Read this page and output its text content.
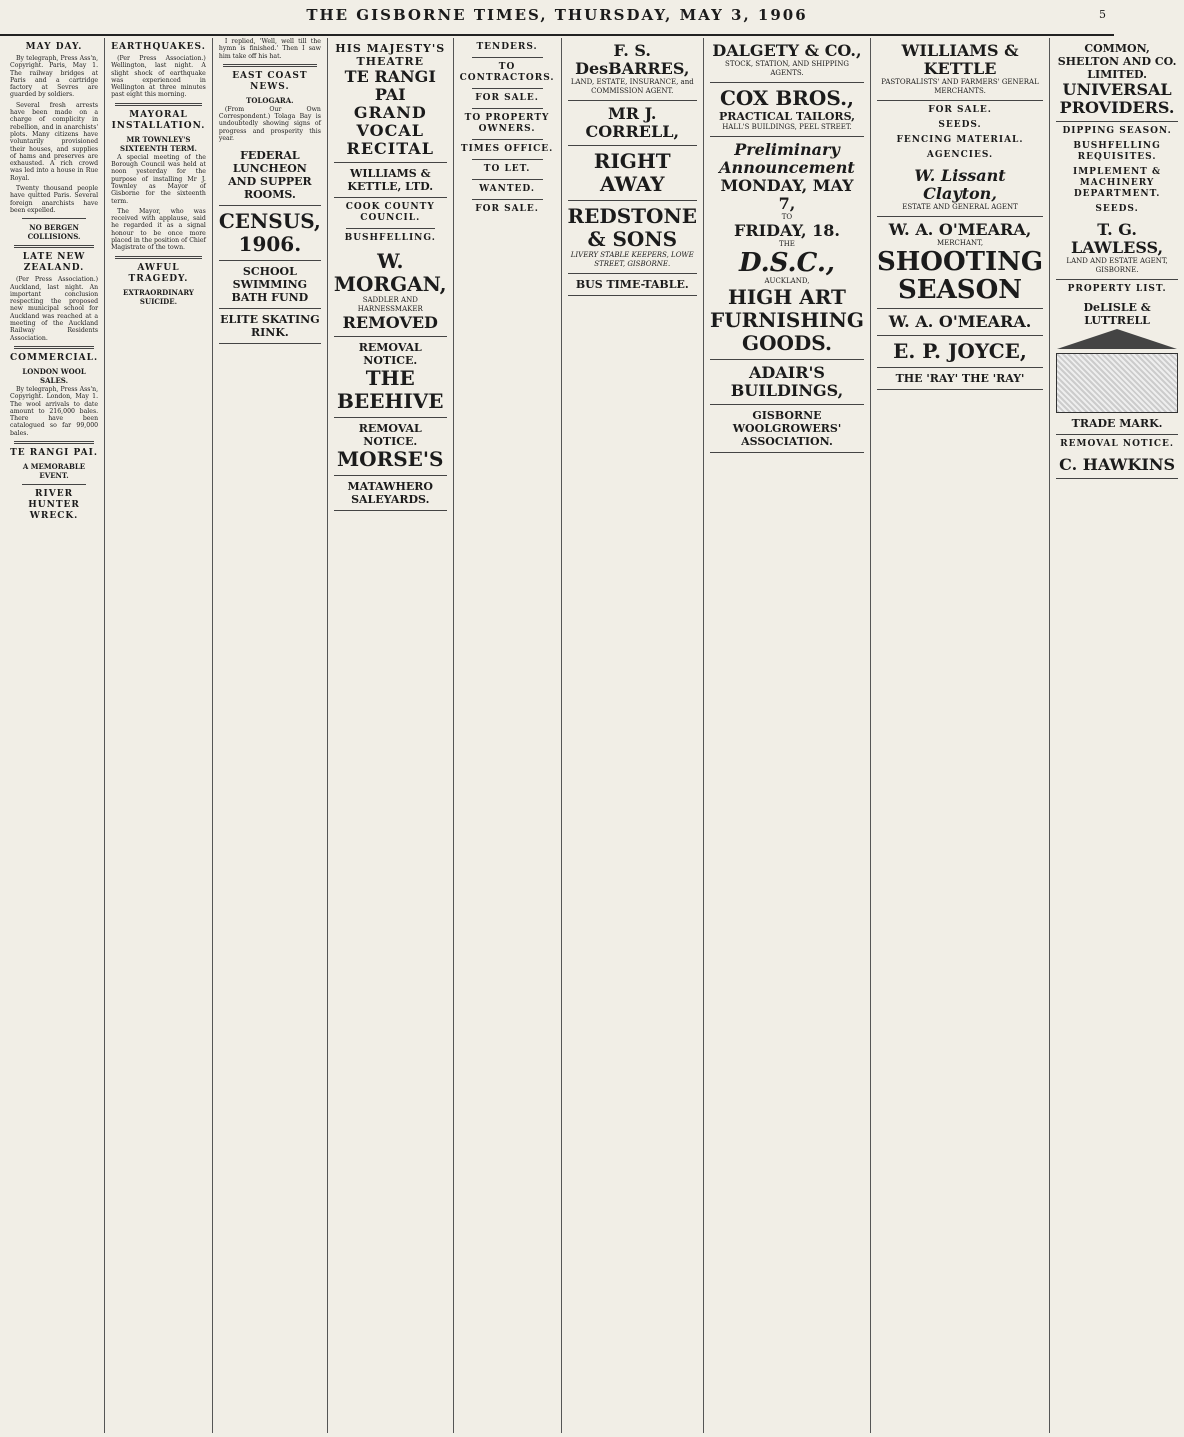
THE GISBORNE TIMES, THURSDAY, MAY 3, 1906	5
MAY DAY.

By telegraph, Press Ass'n, Copyright. Paris, May 1. The railway bridges at Paris and a cartridge factory at Sevres are guarded by soldiers.

Several fresh arrests have been made on a charge of complicity in rebellion, and in anarchists' plots. Many citizens have voluntarily provisioned their houses, and supplies of hams and preserves are exhausted. A rich crowd was led into a house in Rue Royal.

Twenty thousand people have quitted Paris. Several foreign anarchists have been expelled.

NO BERGEN COLLISIONS.
LATE NEW ZEALAND.

(Per Press Association.) Auckland, last night. An important conclusion respecting the proposed new municipal school for Auckland was reached at a meeting of the Auckland Railway Residents Association.

COMMERCIAL.
LONDON WOOL SALES.

By telegraph, Press Ass'n, Copyright. London, May 1. The wool arrivals to date amount to 216,000 bales. There have been catalogued so far 99,000 bales.

TE RANGI PAI.
A MEMORABLE EVENT.
RIVER HUNTER WRECK.
EARTHQUAKES.

(Per Press Association.) Wellington, last night. A slight shock of earthquake was experienced in Wellington at three minutes past eight this morning.

MAYORAL INSTALLATION.
MR TOWNLEY'S SIXTEENTH TERM.

A special meeting of the Borough Council was held at noon yesterday for the purpose of installing Mr J. Townley as Mayor of Gisborne for the sixteenth term.

The Mayor, who was received with applause, said he regarded it as a signal honour to be once more placed in the position of Chief Magistrate of the town.

AWFUL TRAGEDY.
EXTRAORDINARY SUICIDE.

I replied, 'Well, well till the hymn is finished.' Then I saw him take off his hat.

EAST COAST NEWS.
TOLOGARA.

(From Our Own Correspondent.) Tolaga Bay is undoubtedly showing signs of progress and prosperity this year.

FEDERAL LUNCHEON AND SUPPER ROOMS.
CENSUS, 1906.
SCHOOL SWIMMING BATH FUND
ELITE SKATING RINK.
HIS MAJESTY'S THEATRE
TE RANGI PAI
GRAND VOCAL RECITAL
WILLIAMS & KETTLE, LTD.
COOK COUNTY COUNCIL.
BUSHFELLING.
W. MORGAN,
SADDLER AND HARNESSMAKER
REMOVED
REMOVAL NOTICE.
THE BEEHIVE
REMOVAL NOTICE.
MORSE'S
MATAWHERO SALEYARDS.
TENDERS.
TO CONTRACTORS.
FOR SALE.
TO PROPERTY OWNERS.
TIMES OFFICE.
TO LET.
WANTED.
FOR SALE.
F. S. DesBARRES,
LAND, ESTATE, INSURANCE, and COMMISSION AGENT.
MR J. CORRELL,
RIGHT AWAY
REDSTONE & SONS
LIVERY STABLE KEEPERS, LOWE STREET, GISBORNE.
BUS TIME-TABLE.
DALGETY & CO.,
STOCK, STATION, AND SHIPPING AGENTS.
COX BROS.,
PRACTICAL TAILORS,
HALL'S BUILDINGS, PEEL STREET.
Preliminary Announcement
MONDAY, MAY 7,
TO
FRIDAY, 18.
THE
D.S.C.,
AUCKLAND,
HIGH ART FURNISHING GOODS.
ADAIR'S BUILDINGS,
GISBORNE WOOLGROWERS' ASSOCIATION.
WILLIAMS & KETTLE
PASTORALISTS' AND FARMERS' GENERAL MERCHANTS.
FOR SALE.
SEEDS.
FENCING MATERIAL.
AGENCIES.
W. Lissant Clayton,
ESTATE AND GENERAL AGENT
W. A. O'MEARA,
MERCHANT,
SHOOTING SEASON
W. A. O'MEARA.
E. P. JOYCE,
THE 'RAY' THE 'RAY'
COMMON, SHELTON AND CO. LIMITED.
UNIVERSAL PROVIDERS.
DIPPING SEASON.
BUSHFELLING REQUISITES.
IMPLEMENT & MACHINERY DEPARTMENT.
SEEDS.
T. G. LAWLESS,
LAND AND ESTATE AGENT, GISBORNE.
PROPERTY LIST.
DeLISLE & LUTTRELL
TRADE MARK.
REMOVAL NOTICE.
C. HAWKINS
